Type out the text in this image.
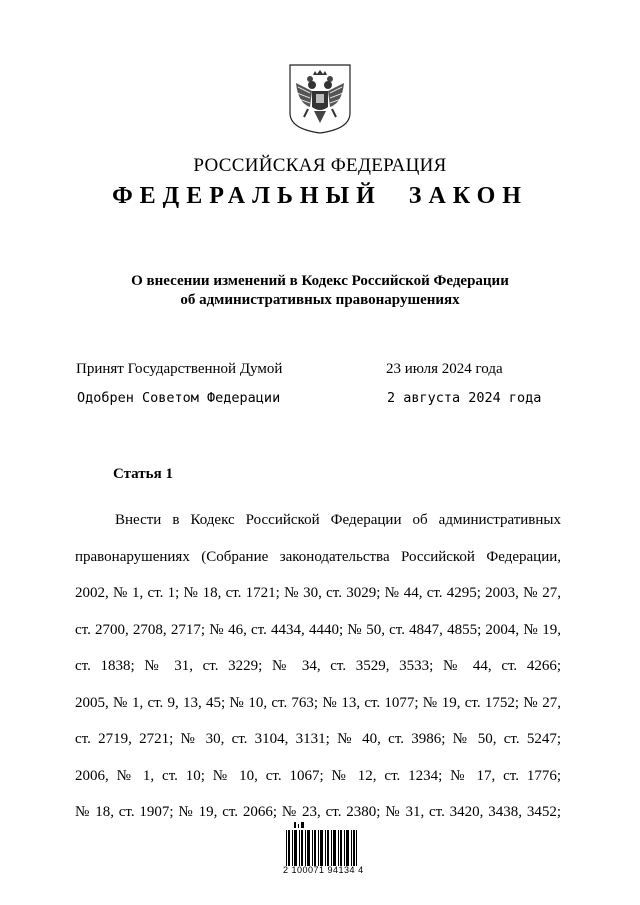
РОССИЙСКАЯ ФЕДЕРАЦИЯ
ФЕДЕРАЛЬНЫЙ ЗАКОН
О внесении изменений в Кодекс Российской Федерации
об административных правонарушениях
Принят Государственной Думой	23 июля 2024 года
Одобрен Советом Федерации	2 августа 2024 года
Статья 1
Внести в Кодекс Российской Федерации об административных
правонарушениях (Собрание законодательства Российской Федерации,
2002, № 1, ст. 1; № 18, ст. 1721; № 30, ст. 3029; № 44, ст. 4295; 2003, № 27,
ст. 2700, 2708, 2717; № 46, ст. 4434, 4440; № 50, ст. 4847, 4855; 2004, № 19,
ст. 1838; № 31, ст. 3229; № 34, ст. 3529, 3533; № 44, ст. 4266;
2005, № 1, ст. 9, 13, 45; № 10, ст. 763; № 13, ст. 1077; № 19, ст. 1752; № 27,
ст. 2719, 2721; № 30, ст. 3104, 3131; № 40, ст. 3986; № 50, ст. 5247;
2006, № 1, ст. 10; № 10, ст. 1067; № 12, ст. 1234; № 17, ст. 1776;
№ 18, ст. 1907; № 19, ст. 2066; № 23, ст. 2380; № 31, ст. 3420, 3438, 3452;
2 100071 94134 4
